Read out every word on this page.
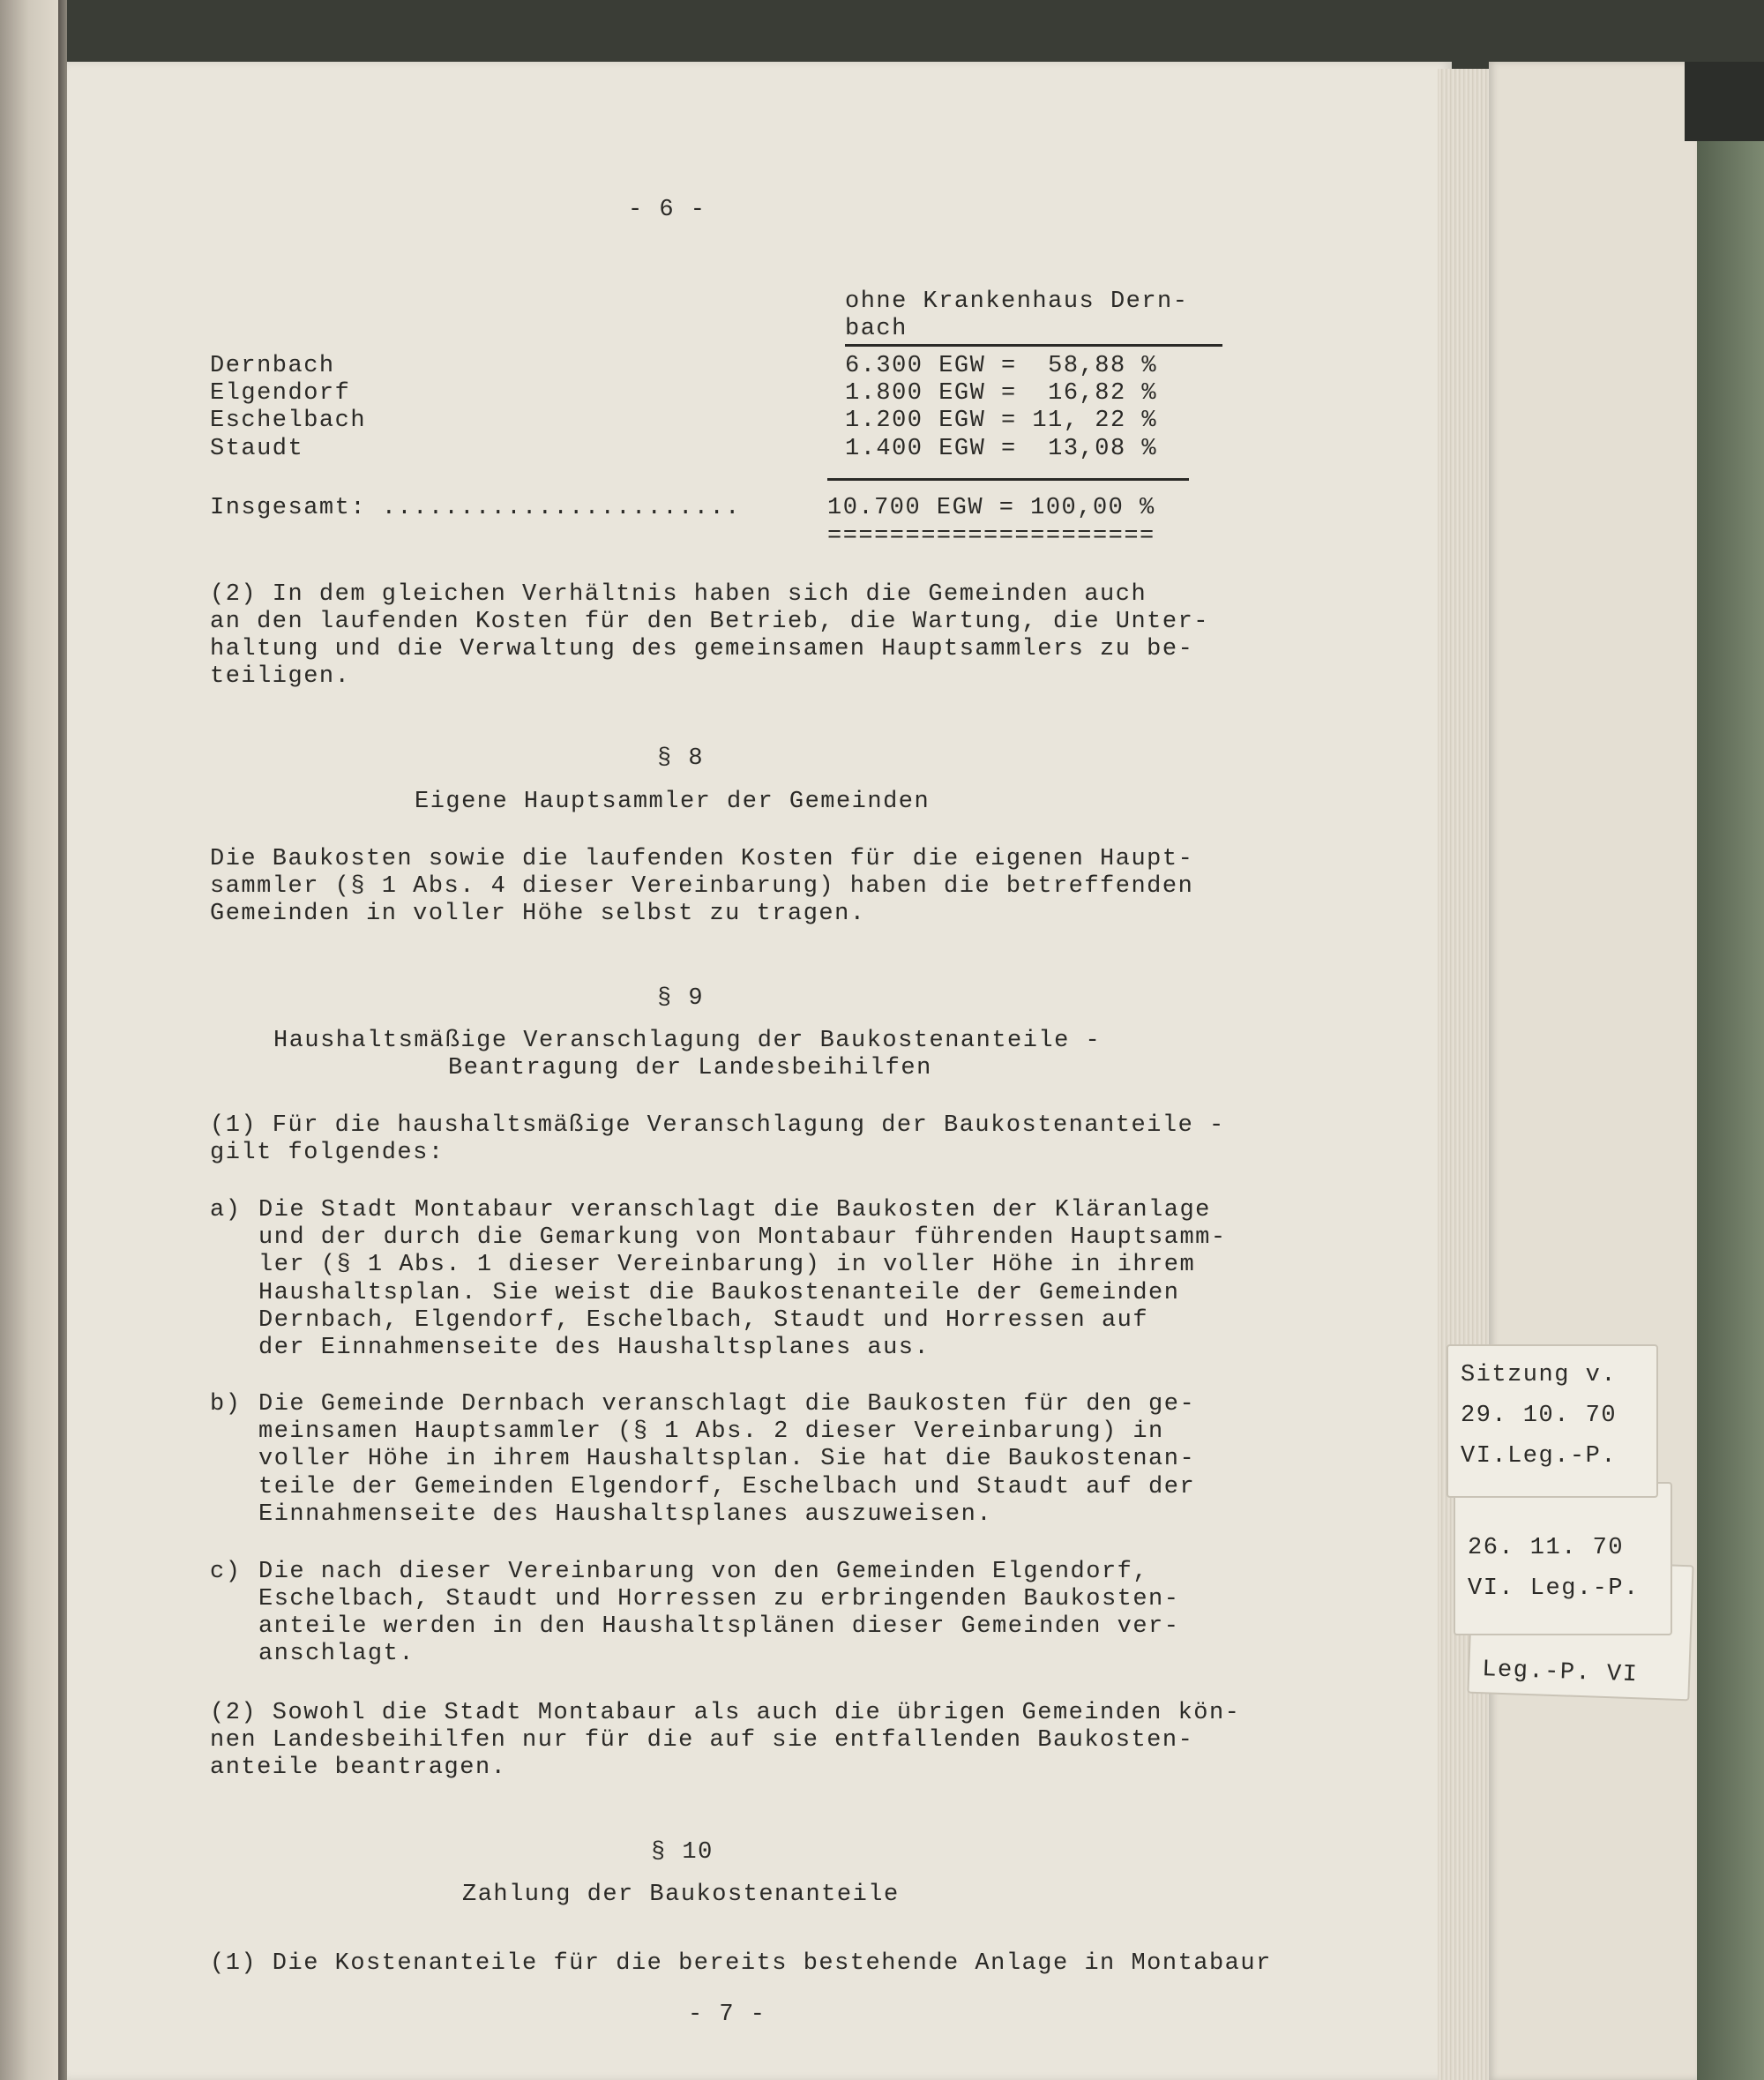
- 6 -
ohne Krankenhaus Dern-
bach
Dernbach	6.300 EGW =  58,88 %
Elgendorf	1.800 EGW =  16,82 %
Eschelbach	1.200 EGW = 11, 22 %
Staudt	1.400 EGW =  13,08 %
Insgesamt: .......................	10.700 EGW = 100,00 %
=====================
(2) In dem gleichen Verhältnis haben sich die Gemeinden auch
an den laufenden Kosten für den Betrieb, die Wartung, die Unter-
haltung und die Verwaltung des gemeinsamen Hauptsammlers zu be-
teiligen.
§ 8
Eigene Hauptsammler der Gemeinden
Die Baukosten sowie die laufenden Kosten für die eigenen Haupt-
sammler (§ 1 Abs. 4 dieser Vereinbarung) haben die betreffenden
Gemeinden in voller Höhe selbst zu tragen.
§ 9
Haushaltsmäßige Veranschlagung der Baukostenanteile -
Beantragung der Landesbeihilfen
(1) Für die haushaltsmäßige Veranschlagung der Baukostenanteile -
gilt folgendes:
a) Die Stadt Montabaur veranschlagt die Baukosten der Kläranlage
und der durch die Gemarkung von Montabaur führenden Hauptsamm-
ler (§ 1 Abs. 1 dieser Vereinbarung) in voller Höhe in ihrem
Haushaltsplan. Sie weist die Baukostenanteile der Gemeinden
Dernbach, Elgendorf, Eschelbach, Staudt und Horressen auf
der Einnahmenseite des Haushaltsplanes aus.
b) Die Gemeinde Dernbach veranschlagt die Baukosten für den ge-
meinsamen Hauptsammler (§ 1 Abs. 2 dieser Vereinbarung) in
voller Höhe in ihrem Haushaltsplan. Sie hat die Baukostenan-
teile der Gemeinden Elgendorf, Eschelbach und Staudt auf der
Einnahmenseite des Haushaltsplanes auszuweisen.
c) Die nach dieser Vereinbarung von den Gemeinden Elgendorf,
Eschelbach, Staudt und Horressen zu erbringenden Baukosten-
anteile werden in den Haushaltsplänen dieser Gemeinden ver-
anschlagt.
(2) Sowohl die Stadt Montabaur als auch die übrigen Gemeinden kön-
nen Landesbeihilfen nur für die auf sie entfallenden Baukosten-
anteile beantragen.
§ 10
Zahlung der Baukostenanteile
(1) Die Kostenanteile für die bereits bestehende Anlage in Montabaur
- 7 -
Leg.-P. VI
26. 11. 70
VI. Leg.-P.
Sitzung v.
29. 10. 70
VI.Leg.-P.
